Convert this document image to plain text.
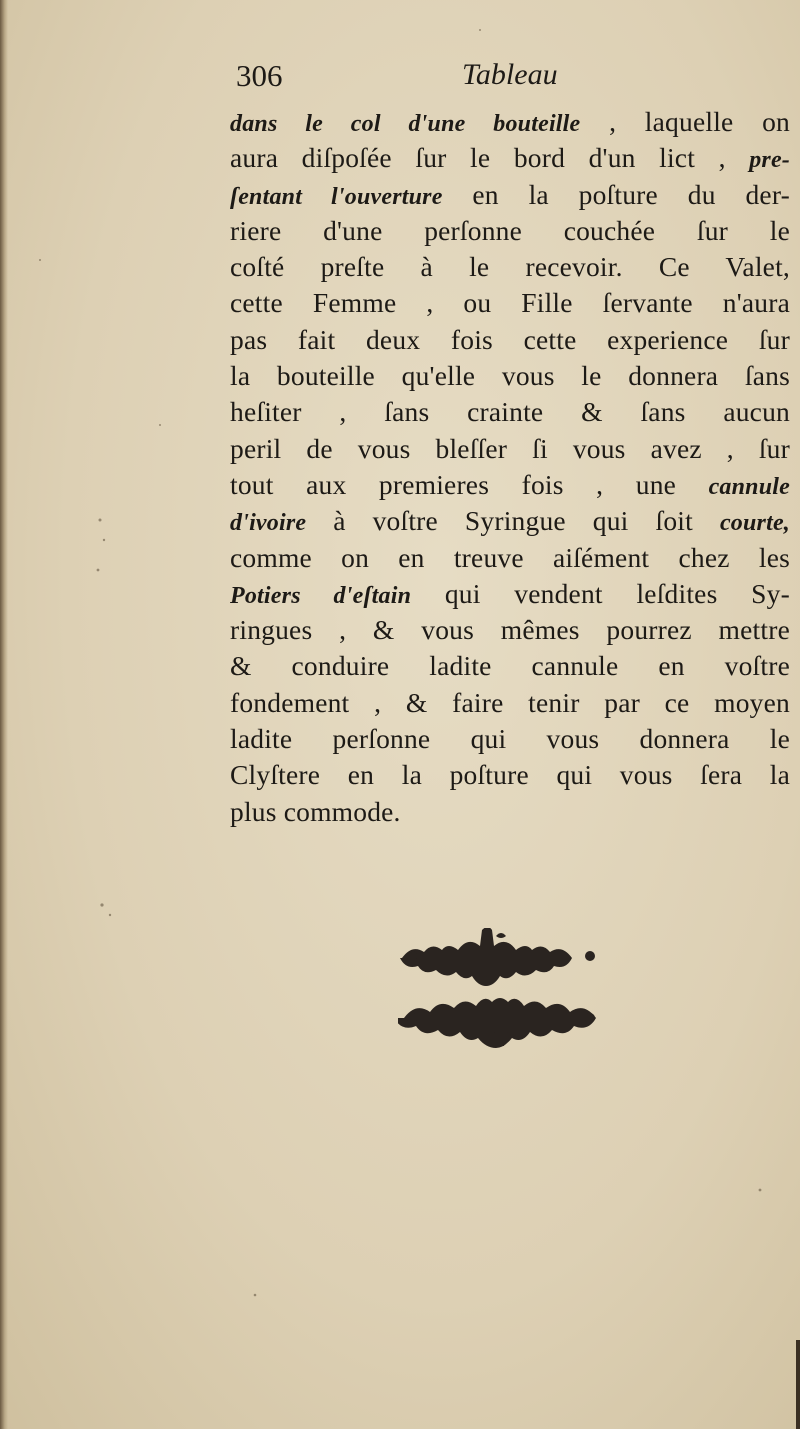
306	Tableau
dans le col d'une bouteille , laquelle on
aura diſpoſée ſur le bord d'un lict , pre-
ſentant l'ouverture en la poſture du der-
riere d'une perſonne couchée ſur le
coſté preſte à le recevoir. Ce Valet,
cette Femme , ou Fille ſervante n'aura
pas fait deux fois cette experience ſur
la bouteille qu'elle vous le donnera ſans
heſiter , ſans crainte & ſans aucun
peril de vous bleſſer ſi vous avez , ſur
tout aux premieres fois , une cannule
d'ivoire à voſtre Syringue qui ſoit courte,
comme on en treuve aiſément chez les
Potiers d'eſtain qui vendent leſdites Sy-
ringues , & vous mêmes pourrez mettre
& conduire ladite cannule en voſtre
fondement , & faire tenir par ce moyen
ladite perſonne qui vous donnera le
Clyſtere en la poſture qui vous ſera la
plus commode.
